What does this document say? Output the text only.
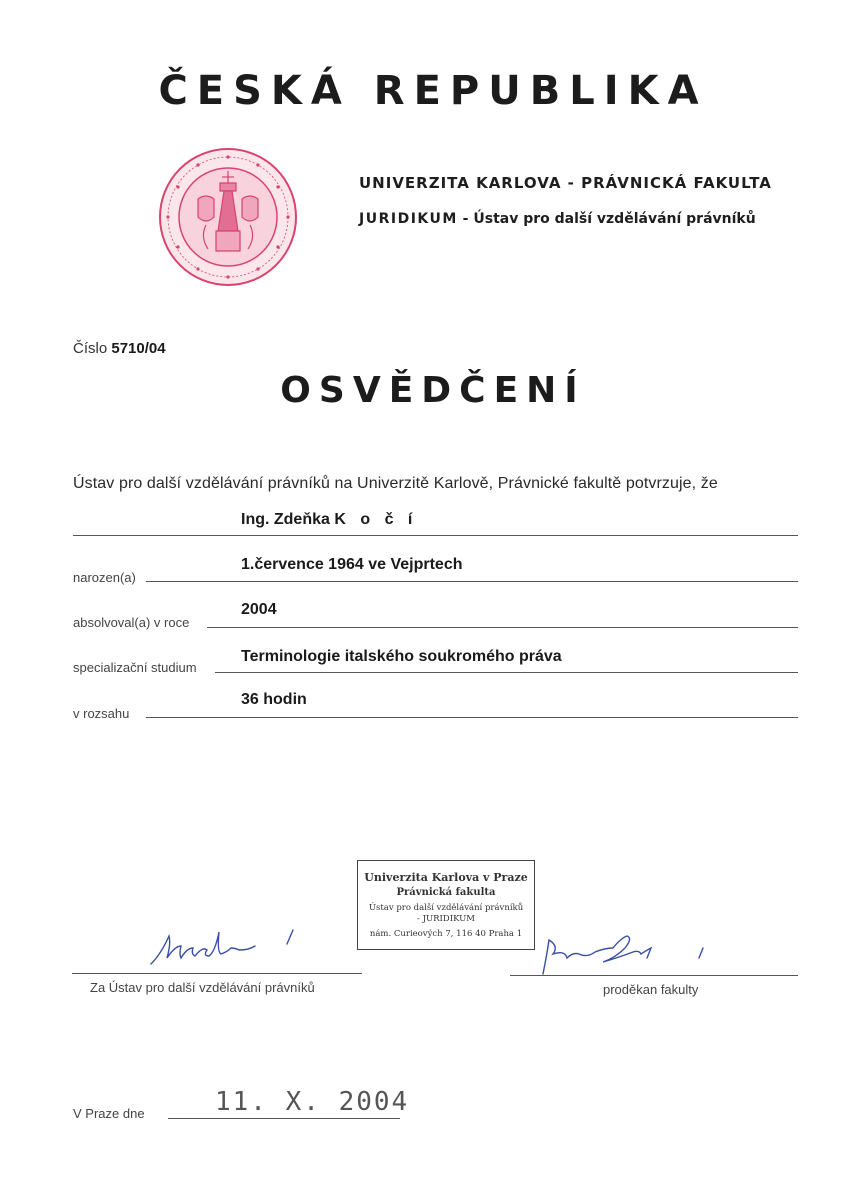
ČESKÁ REPUBLIKA
UNIVERZITA KARLOVA - PRÁVNICKÁ FAKULTA
JURIDIKUM - Ústav pro další vzdělávání právníků
Číslo 5710/04
OSVĚDČENÍ
Ústav pro další vzdělávání právníků na Univerzitě Karlově, Právnické fakultě potvrzuje, že
Ing. Zdeňka K o č í
narozen(a)
1.července 1964 ve Vejprtech
absolvoval(a) v roce
2004
specializační studium
Terminologie italského soukromého práva
v rozsahu
36 hodin
Univerzita Karlova v Praze
Právnická fakulta
Ústav pro další vzdělávání právníků
- JURIDIKUM
nám. Curieových 7, 116 40 Praha 1
Za Ústav pro další vzdělávání právníků	proděkan fakulty
V Praze dne	11. X. 2004
